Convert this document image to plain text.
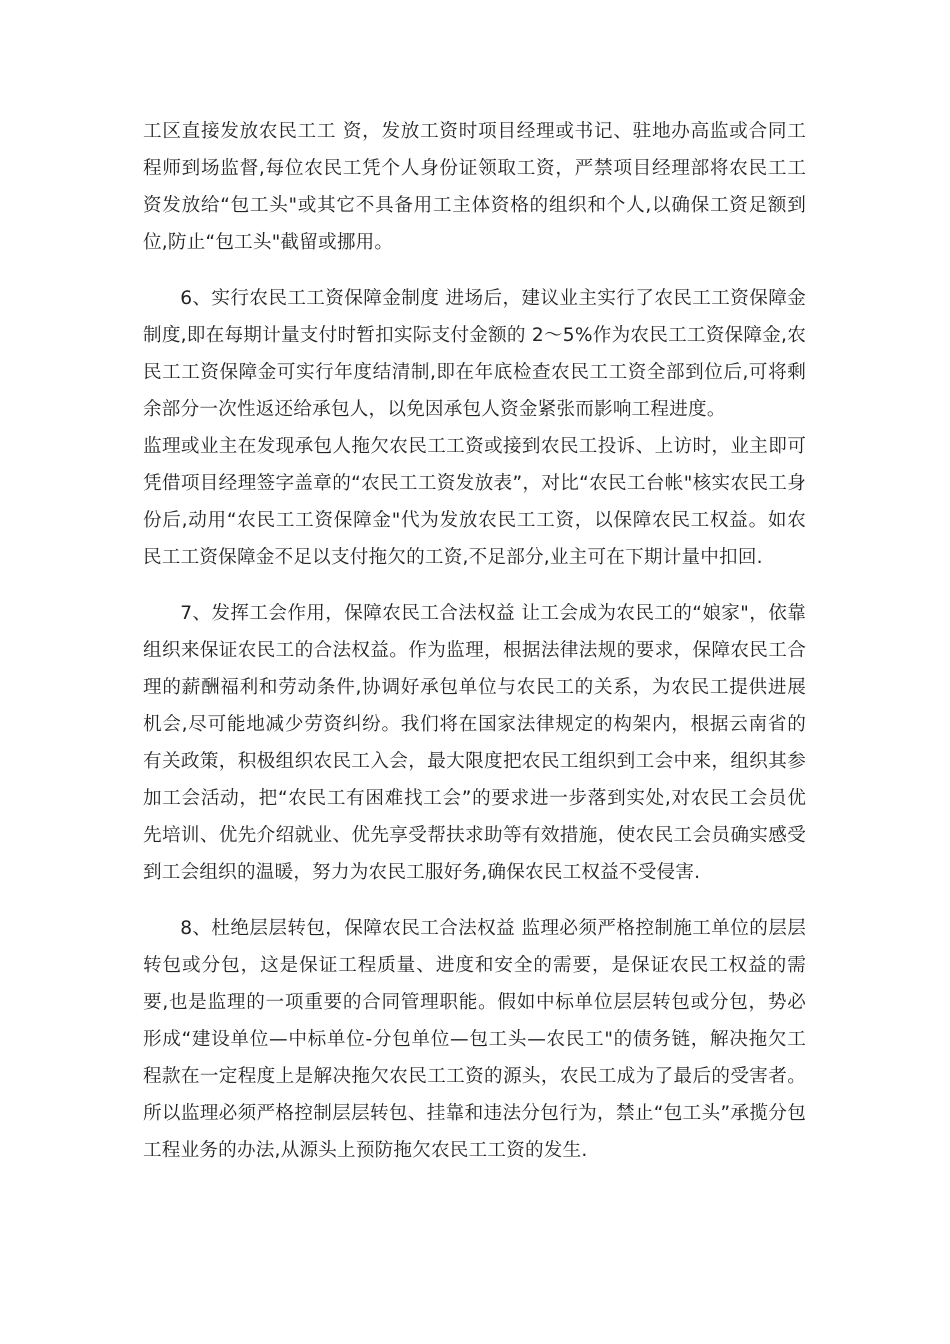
工区直接发放农民工工 资，发放工资时项目经理或书记、驻地办高监或合同工程师到场监督,每位农民工凭个人身份证领取工资，严禁项目经理部将农民工工资发放给“包工头"或其它不具备用工主体资格的组织和个人,以确保工资足额到位,防止“包工头"截留或挪用。

6、实行农民工工资保障金制度 进场后，建议业主实行了农民工工资保障金制度,即在每期计量支付时暂扣实际支付金额的 2～5%作为农民工工资保障金,农民工工资保障金可实行年度结清制,即在年底检查农民工工资全部到位后,可将剩余部分一次性返还给承包人，以免因承包人资金紧张而影响工程进度。

监理或业主在发现承包人拖欠农民工工资或接到农民工投诉、上访时，业主即可凭借项目经理签字盖章的“农民工工资发放表”，对比“农民工台帐"核实农民工身份后,动用“农民工工资保障金"代为发放农民工工资，以保障农民工权益。如农民工工资保障金不足以支付拖欠的工资,不足部分,业主可在下期计量中扣回.

7、发挥工会作用，保障农民工合法权益 让工会成为农民工的“娘家"，依靠组织来保证农民工的合法权益。作为监理，根据法律法规的要求，保障农民工合理的薪酬福利和劳动条件,协调好承包单位与农民工的关系，为农民工提供进展机会,尽可能地减少劳资纠纷。我们将在国家法律规定的构架内，根据云南省的有关政策，积极组织农民工入会，最大限度把农民工组织到工会中来，组织其参加工会活动，把“农民工有困难找工会”的要求进一步落到实处,对农民工会员优先培训、优先介绍就业、优先享受帮扶求助等有效措施，使农民工会员确实感受到工会组织的温暖，努力为农民工服好务,确保农民工权益不受侵害.

8、杜绝层层转包，保障农民工合法权益 监理必须严格控制施工单位的层层转包或分包，这是保证工程质量、进度和安全的需要，是保证农民工权益的需要,也是监理的一项重要的合同管理职能。假如中标单位层层转包或分包，势必形成“建设单位—中标单位-分包单位—包工头—农民工"的债务链，解决拖欠工程款在一定程度上是解决拖欠农民工工资的源头，农民工成为了最后的受害者。所以监理必须严格控制层层转包、挂靠和违法分包行为，禁止“包工头”承揽分包工程业务的办法,从源头上预防拖欠农民工工资的发生.
